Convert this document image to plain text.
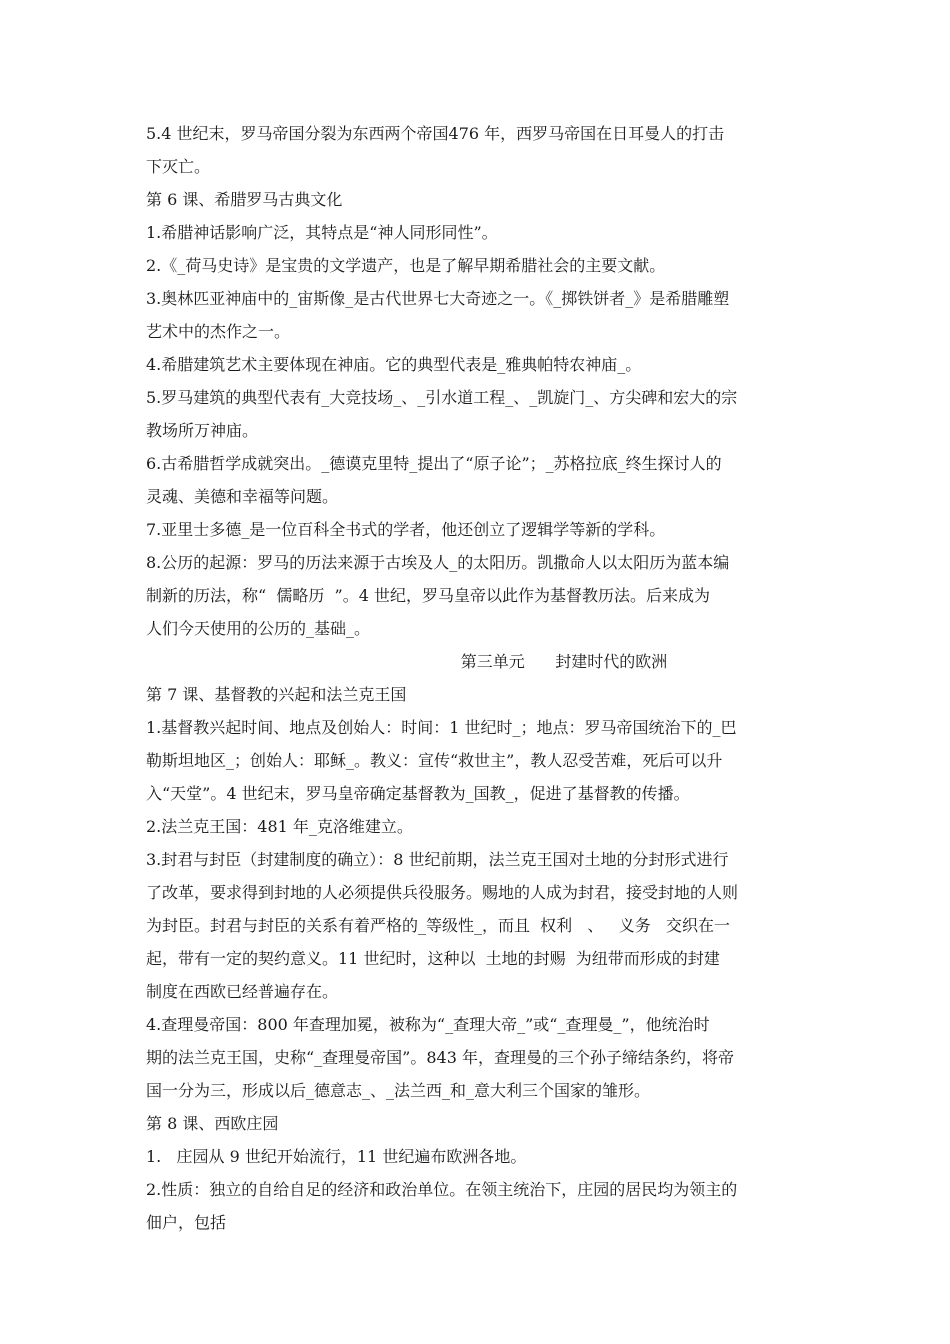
5.4 世纪末，罗马帝国分裂为东西两个帝国476 年，西罗马帝国在日耳曼人的打击
下灭亡。
第 6 课、希腊罗马古典文化
1.希腊神话影响广泛，其特点是“神人同形同性”。
2.《_荷马史诗》是宝贵的文学遗产，也是了解早期希腊社会的主要文献。
3.奥林匹亚神庙中的_宙斯像_是古代世界七大奇迹之一。《_掷铁饼者_》是希腊雕塑
艺术中的杰作之一。
4.希腊建筑艺术主要体现在神庙。它的典型代表是_雅典帕特农神庙_。
5.罗马建筑的典型代表有_大竞技场_、_引水道工程_、_凯旋门_、方尖碑和宏大的宗
教场所万神庙。
6.古希腊哲学成就突出。_德谟克里特_提出了“原子论”；_苏格拉底_终生探讨人的
灵魂、美德和幸福等问题。
7.亚里士多德_是一位百科全书式的学者，他还创立了逻辑学等新的学科。
8.公历的起源：罗马的历法来源于古埃及人_的太阳历。凯撒命人以太阳历为蓝本编
制新的历法，称“  儒略历  ”。4 世纪，罗马皇帝以此作为基督教历法。后来成为
人们今天使用的公历的_基础_。
第三单元      封建时代的欧洲
第 7 课、基督教的兴起和法兰克王国
1.基督教兴起时间、地点及创始人：时间：1 世纪时_；地点：罗马帝国统治下的_巴
勒斯坦地区_；创始人：耶稣_。教义：宣传“救世主”，教人忍受苦难，死后可以升
入“天堂”。4 世纪末，罗马皇帝确定基督教为_国教_，促进了基督教的传播。
2.法兰克王国：481 年_克洛维建立。
3.封君与封臣（封建制度的确立）：8 世纪前期，法兰克王国对土地的分封形式进行
了改革，要求得到封地的人必须提供兵役服务。赐地的人成为封君，接受封地的人则
为封臣。封君与封臣的关系有着严格的_等级性_，而且  权利   、   义务   交织在一
起，带有一定的契约意义。11 世纪时，这种以  土地的封赐  为纽带而形成的封建
制度在西欧已经普遍存在。
4.查理曼帝国：800 年查理加冕，被称为“_查理大帝_”或“_查理曼_”，他统治时
期的法兰克王国，史称“_查理曼帝国”。843 年，查理曼的三个孙子缔结条约，将帝
国一分为三，形成以后_德意志_、_法兰西_和_意大利三个国家的雏形。
第 8 课、西欧庄园
1.   庄园从 9 世纪开始流行，11 世纪遍布欧洲各地。
2.性质：独立的自给自足的经济和政治单位。在领主统治下，庄园的居民均为领主的
佃户，包括
